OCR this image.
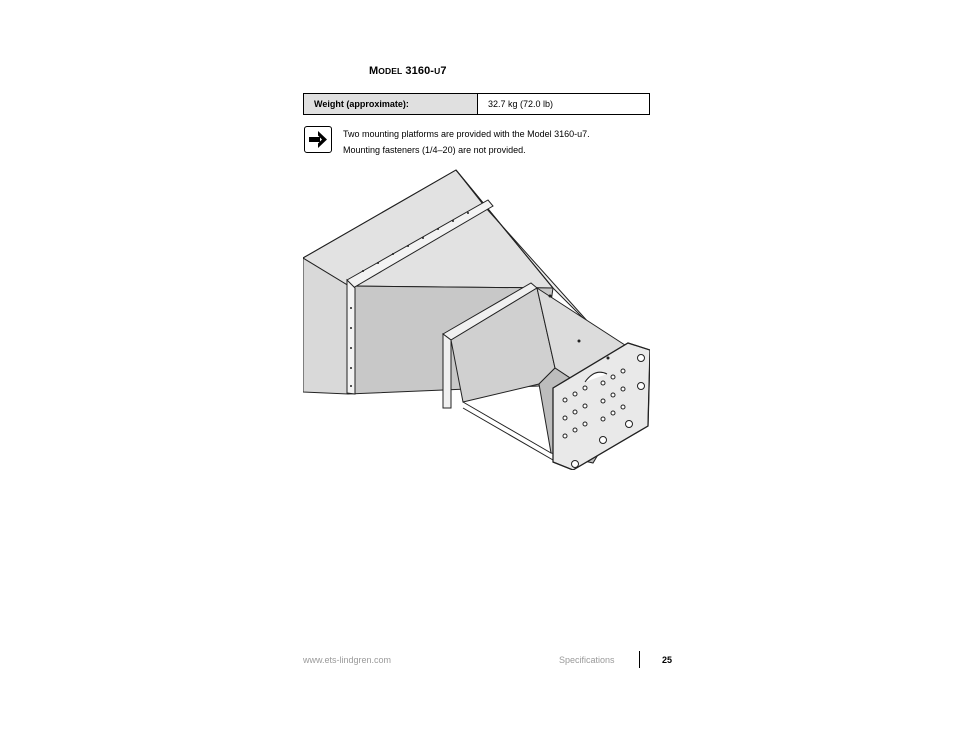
MODEL 3160-U7
Weight (approximate):	32.7 kg (72.0 lb)
Two mounting platforms are provided with the Model 3160-u7.
Mounting fasteners (1/4–20) are not provided.
www.ets-lindgren.com	Specifications	25
